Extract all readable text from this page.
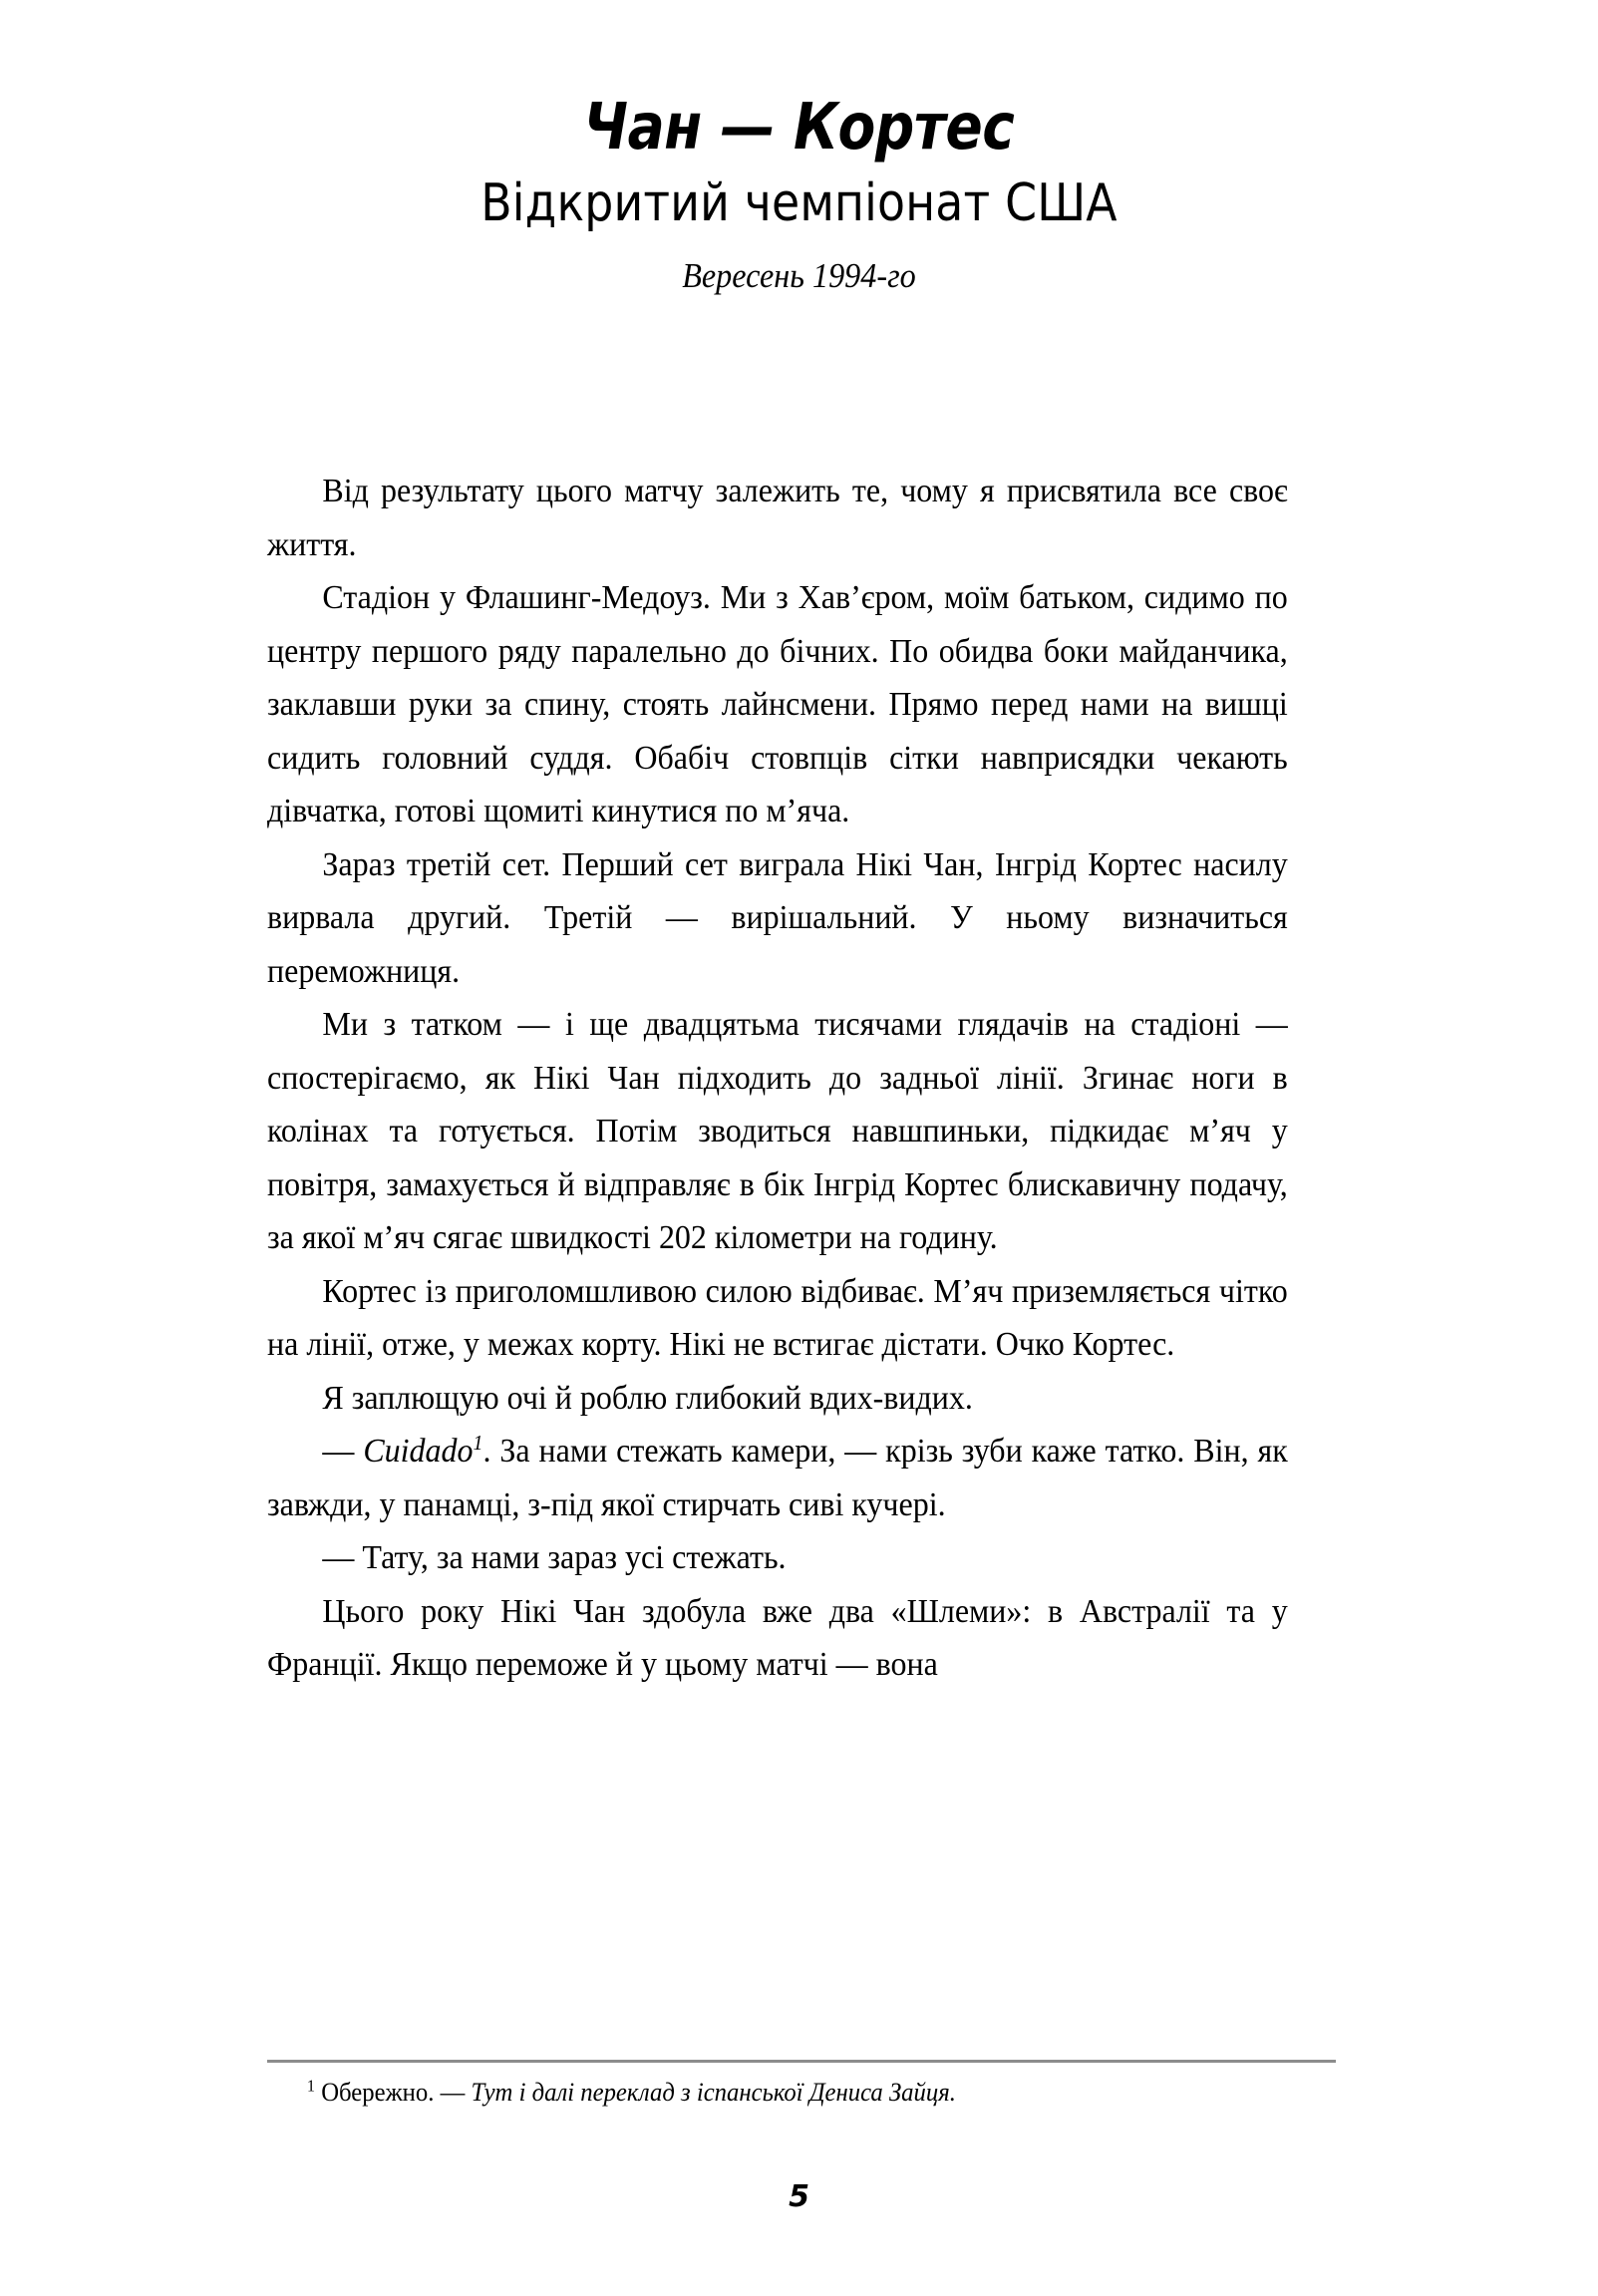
Чан — Кортес
Відкритий чемпіонат США
Вересень 1994-го

Від результату цього матчу залежить те, чому я присвятила все своє життя.

Стадіон у Флашинг-Медоуз. Ми з Хав’єром, моїм батьком, сидимо по центру першого ряду паралельно до бічних. По обидва боки майданчика, заклавши руки за спину, стоять лайнсмени. Прямо перед нами на вишці сидить головний суддя. Обабіч стовпців сітки навприсядки чекають дівчатка, готові щомиті кинутися по м’яча.

Зараз третій сет. Перший сет виграла Нікі Чан, Інгрід Кортес насилу вирвала другий. Третій — вирішальний. У ньому визначиться переможниця.

Ми з татком — і ще двадцятьма тисячами глядачів на стадіоні — спостерігаємо, як Нікі Чан підходить до задньої лінії. Згинає ноги в колінах та готується. Потім зводиться навшпиньки, підкидає м’яч у повітря, замахується й відправляє в бік Інгрід Кортес блискавичну подачу, за якої м’яч сягає швидкості 202 кілометри на годину.

Кортес із приголомшливою силою відбиває. М’яч приземляється чітко на лінії, отже, у межах корту. Нікі не встигає дістати. Очко Кортес.

Я заплющую очі й роблю глибокий вдих-видих.

— Cuidado$^1$. За нами стежать камери, — крізь зуби каже татко. Він, як завжди, у панамці, з-під якої стирчать сиві кучері.

— Тату, за нами зараз усі стежать.

Цього року Нікі Чан здобула вже два «Шлеми»: в Австралії та у Франції. Якщо переможе й у цьому матчі — вона

$^1$ Обережно. — Тут і далі переклад з іспанської Дениса Зайця.
5
